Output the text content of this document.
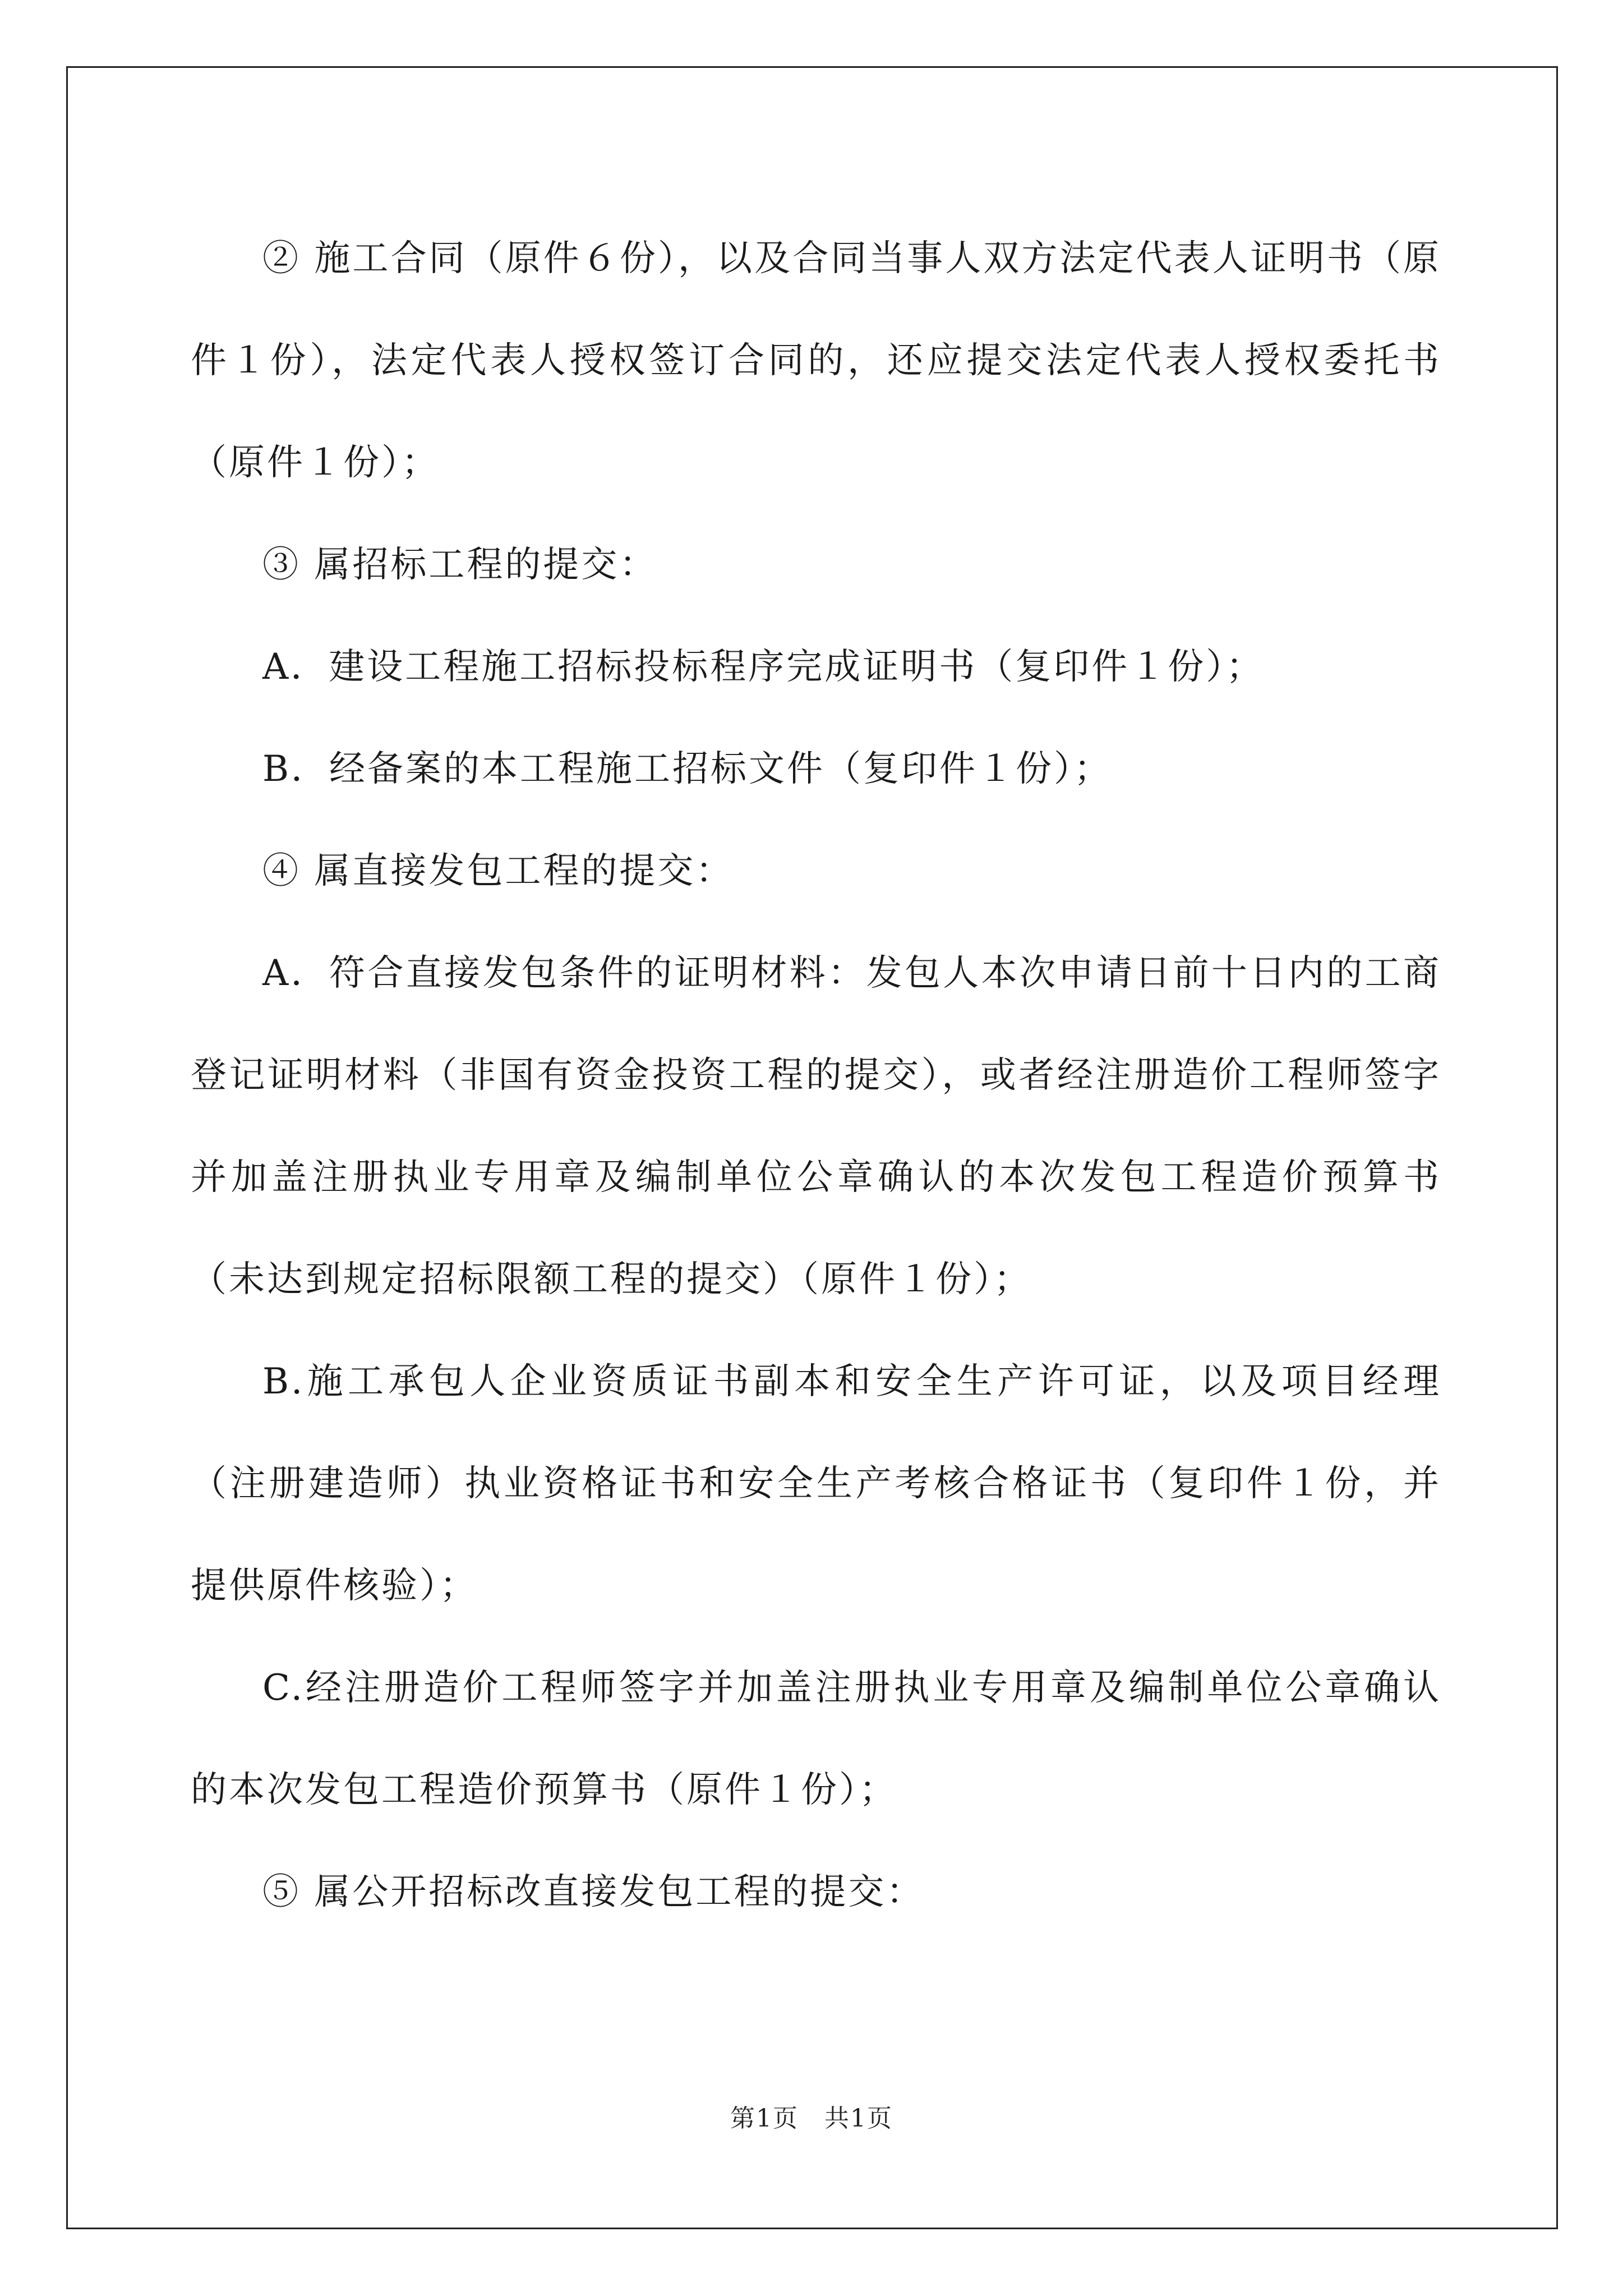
② 施工合同（原件６份），以及合同当事人双方法定代表人证明书（原件１份），法定代表人授权签订合同的，还应提交法定代表人授权委托书（原件１份）；

③ 属招标工程的提交：

A．建设工程施工招标投标程序完成证明书（复印件１份）；

B．经备案的本工程施工招标文件（复印件１份）；

④ 属直接发包工程的提交：

A．符合直接发包条件的证明材料：发包人本次申请日前十日内的工商登记证明材料（非国有资金投资工程的提交），或者经注册造价工程师签字并加盖注册执业专用章及编制单位公章确认的本次发包工程造价预算书（未达到规定招标限额工程的提交）（原件１份）；

B.施工承包人企业资质证书副本和安全生产许可证，以及项目经理（注册建造师）执业资格证书和安全生产考核合格证书（复印件１份，并提供原件核验）；

C.经注册造价工程师签字并加盖注册执业专用章及编制单位公章确认的本次发包工程造价预算书（原件１份）；

⑤ 属公开招标改直接发包工程的提交：

第1页　共1页
